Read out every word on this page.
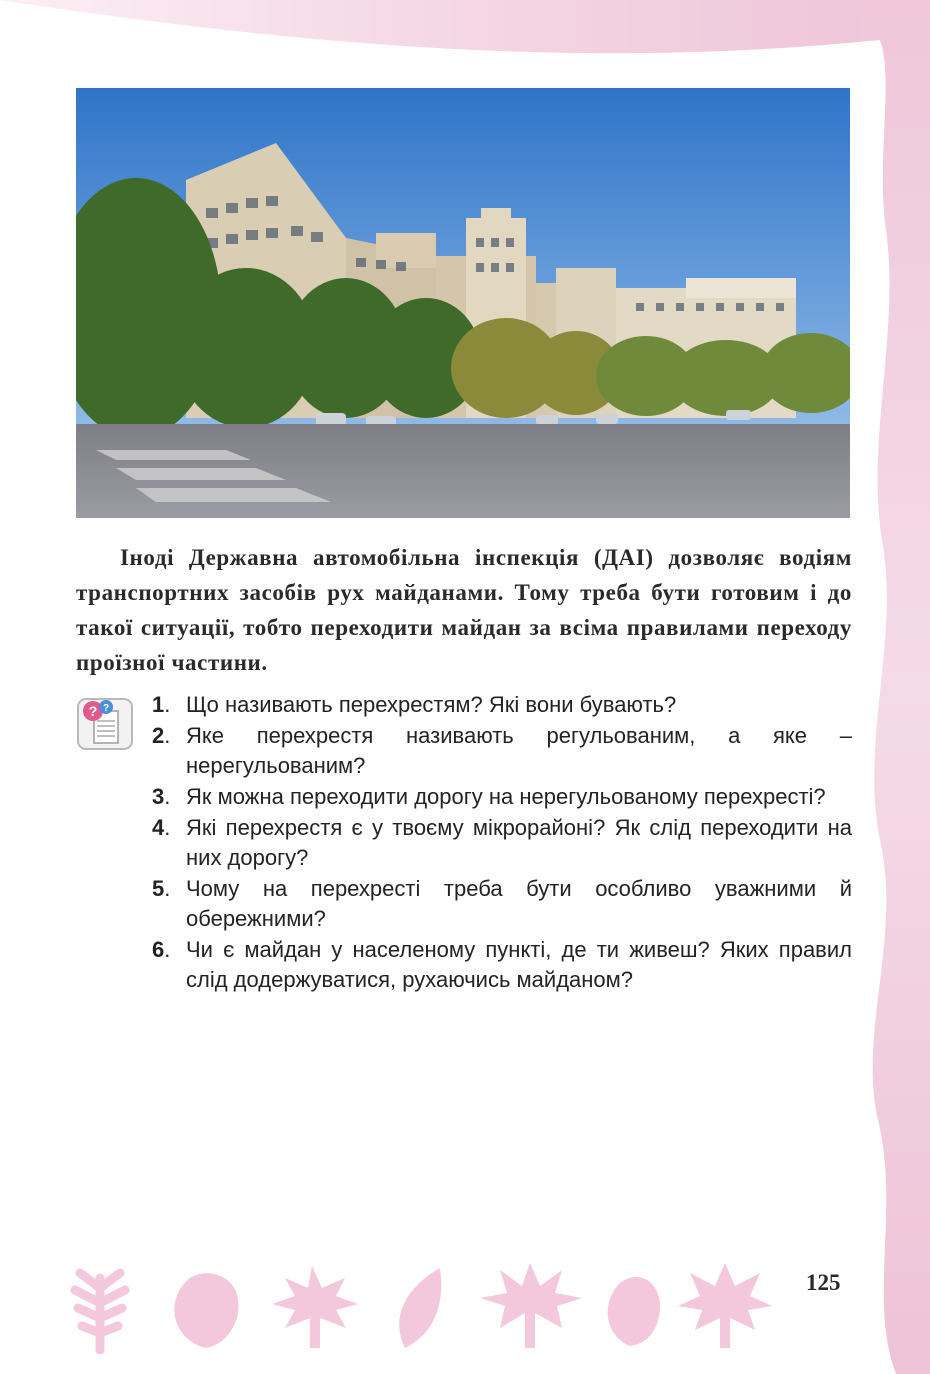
Іноді Державна автомобільна інспекція (ДАІ) дозволяє водіям транспортних засобів рух майданами. Тому треба бути готовим і до такої ситуації, тобто переходити майдан за всіма правилами переходу проїзної частини.

? ? 1 . Що називають перехрестям? Які вони бувають?
2 . Яке перехрестя називають регульованим, а яке – нерегульованим?
3 . Як можна переходити дорогу на нерегульованому перехресті?
4 . Які перехрестя є у твоєму мікрорайоні? Як слід переходити на них дорогу?
5 . Чому на перехресті треба бути особливо уважними й обережними?
6 . Чи є майдан у населеному пункті, де ти живеш? Яких правил слід додержуватися, рухаючись майданом?
125
